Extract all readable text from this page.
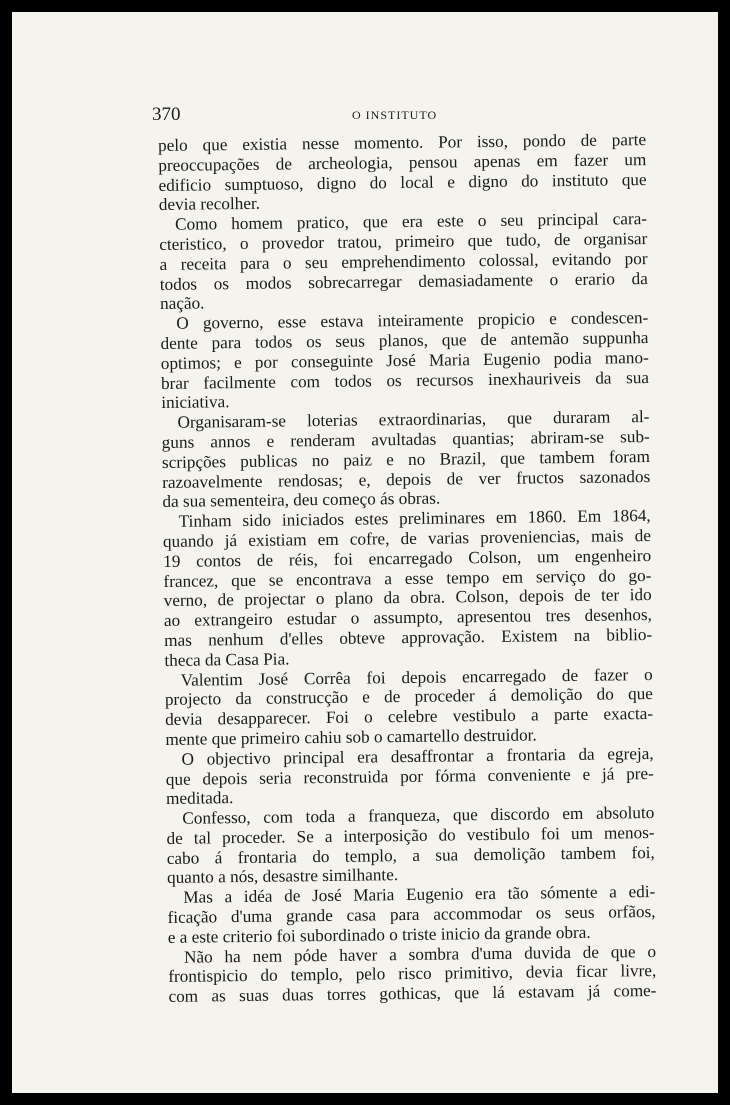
370	O INSTITUTO
pelo que existia nesse momento. Por isso, pondo de parte
preoccupações de archeologia, pensou apenas em fazer um
edificio sumptuoso, digno do local e digno do instituto que
devia recolher.
Como homem pratico, que era este o seu principal cara-
cteristico, o provedor tratou, primeiro que tudo, de organisar
a receita para o seu emprehendimento colossal, evitando por
todos os modos sobrecarregar demasiadamente o erario da
nação.
O governo, esse estava inteiramente propicio e condescen-
dente para todos os seus planos, que de antemão suppunha
optimos; e por conseguinte José Maria Eugenio podia mano-
brar facilmente com todos os recursos inexhauriveis da sua
iniciativa.
Organisaram-se loterias extraordinarias, que duraram al-
guns annos e renderam avultadas quantias; abriram-se sub-
scripções publicas no paiz e no Brazil, que tambem foram
razoavelmente rendosas; e, depois de ver fructos sazonados
da sua sementeira, deu começo ás obras.
Tinham sido iniciados estes preliminares em 1860. Em 1864,
quando já existiam em cofre, de varias proveniencias, mais de
19 contos de réis, foi encarregado Colson, um engenheiro
francez, que se encontrava a esse tempo em serviço do go-
verno, de projectar o plano da obra. Colson, depois de ter ido
ao extrangeiro estudar o assumpto, apresentou tres desenhos,
mas nenhum d'elles obteve approvação. Existem na biblio-
theca da Casa Pia.
Valentim José Corrêa foi depois encarregado de fazer o
projecto da construcção e de proceder á demolição do que
devia desapparecer. Foi o celebre vestibulo a parte exacta-
mente que primeiro cahiu sob o camartello destruidor.
O objectivo principal era desaffrontar a frontaria da egreja,
que depois seria reconstruida por fórma conveniente e já pre-
meditada.
Confesso, com toda a franqueza, que discordo em absoluto
de tal proceder. Se a interposição do vestibulo foi um menos-
cabo á frontaria do templo, a sua demolição tambem foi,
quanto a nós, desastre similhante.
Mas a idéa de José Maria Eugenio era tão sómente a edi-
ficação d'uma grande casa para accommodar os seus orfãos,
e a este criterio foi subordinado o triste inicio da grande obra.
Não ha nem póde haver a sombra d'uma duvida de que o
frontispicio do templo, pelo risco primitivo, devia ficar livre,
com as suas duas torres gothicas, que lá estavam já come-
